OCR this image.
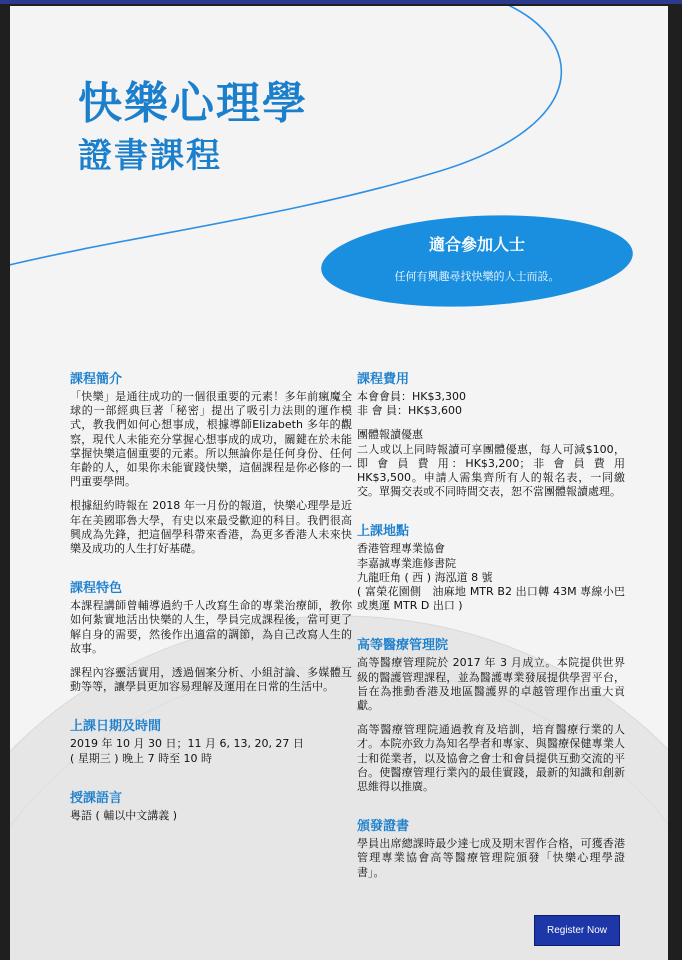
快樂心理學
證書課程
適合參加人士
任何有興趣尋找快樂的人士而設。
課程簡介

「快樂」是通往成功的一個很重要的元素！多年前瘋魔全球的一部經典巨著「秘密」提出了吸引力法則的運作模式，教我們如何心想事成，根據導師Elizabeth 多年的觀察，現代人未能充分掌握心想事成的成功，關鍵在於未能掌握快樂這個重要的元素。所以無論你是任何身份、任何年齡的人，如果你未能實踐快樂，這個課程是你必修的一門重要學問。

根據紐約時報在 2018 年一月份的報道，快樂心理學是近年在美國耶魯大學，有史以來最受歡迎的科目。我們很高興成為先鋒，把這個學科帶來香港，為更多香港人未來快樂及成功的人生打好基礎。

課程特色

本課程講師曾輔導過約千人改寫生命的專業治療師，教你如何紮實地活出快樂的人生，學員完成課程後，當可更了解自身的需要，然後作出適當的調節，為自己改寫人生的故事。

課程內容靈活實用，透過個案分析、小組討論、多媒體互動等等，讓學員更加容易理解及運用在日常的生活中。

上課日期及時間

2019 年 10 月 30 日；11 月 6, 13, 20, 27 日
( 星期三 ) 晚上 7 時至 10 時

授課語言

粵語 ( 輔以中文講義 )

課程費用

本會會員：HK$3,300
非 會 員：HK$3,600

團體報讀優惠

二人或以上同時報讀可享團體優惠，每人可減$100，即 會 員 費 用：HK$3,200；非 會 員 費 用HK$3,500。申請人需集齊所有人的報名表，一同繳交。單獨交表或不同時間交表，恕不當團體報讀處理。

上課地點

香港管理專業協會
李嘉誠專業進修書院
九龍旺角 ( 西 ) 海泓道 8 號
( 富榮花園側　油麻地 MTR B2 出口轉 43M 專線小巴或奧運 MTR D 出口 )

高等醫療管理院

高等醫療管理院於 2017 年 3 月成立。本院提供世界級的醫護管理課程，並為醫護專業發展提供學習平台，旨在為推動香港及地區醫護界的卓越管理作出重大貢獻。

高等醫療管理院通過教育及培訓，培育醫療行業的人才。本院亦致力為知名學者和專家、與醫療保健專業人士和從業者，以及協會之會士和會員提供互動交流的平台。使醫療管理行業內的最佳實踐，最新的知識和創新思維得以推廣。

頒發證書

學員出席總課時最少達七成及期末習作合格，可獲香港管理專業協會高等醫療管理院頒發「快樂心理學證書」。

Register Now
